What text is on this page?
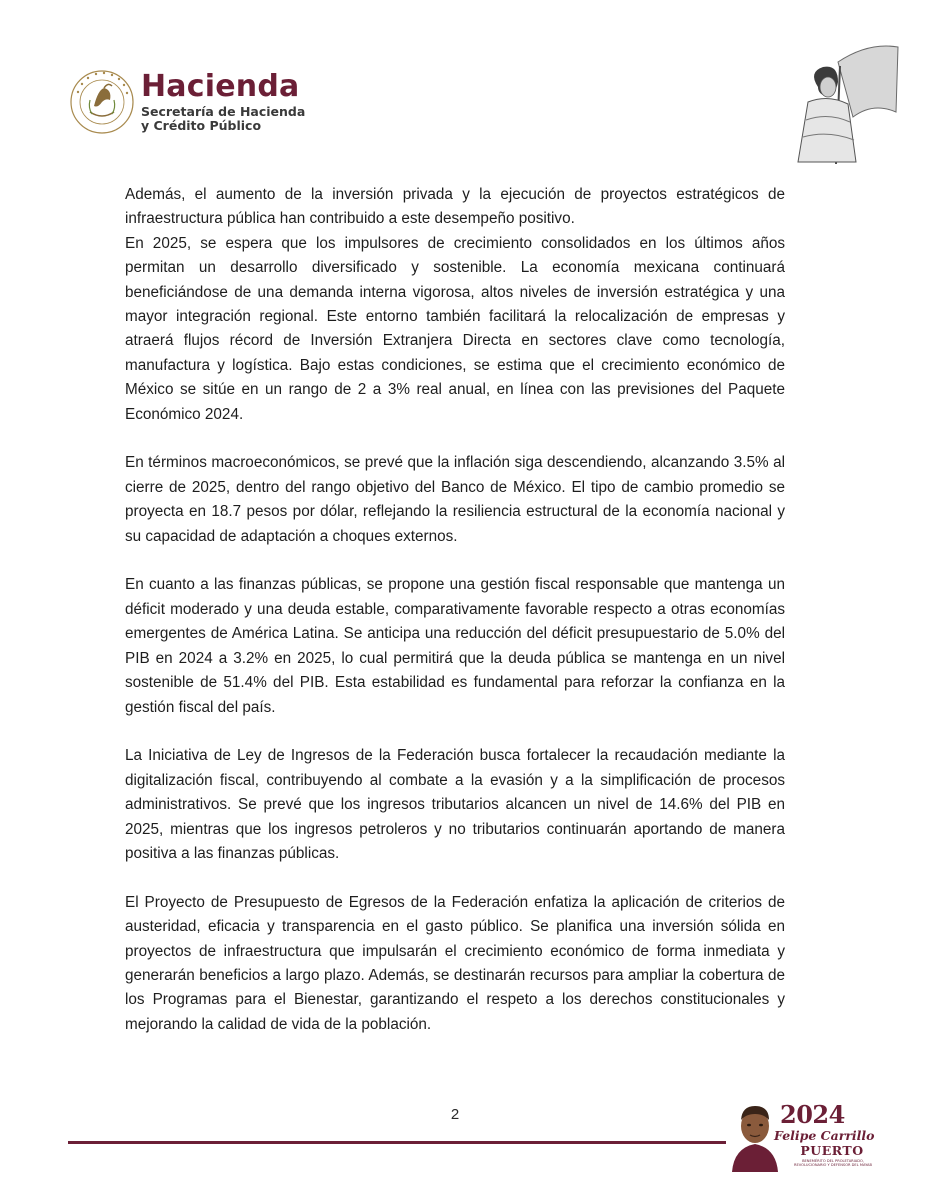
Hacienda
Secretaría de Hacienda
y Crédito Público

Además, el aumento de la inversión privada y la ejecución de proyectos estratégicos de infraestructura pública han contribuido a este desempeño positivo.

En 2025, se espera que los impulsores de crecimiento consolidados en los últimos años permitan un desarrollo diversificado y sostenible. La economía mexicana continuará beneficiándose de una demanda interna vigorosa, altos niveles de inversión estratégica y una mayor integración regional. Este entorno también facilitará la relocalización de empresas y atraerá flujos récord de Inversión Extranjera Directa en sectores clave como tecnología, manufactura y logística. Bajo estas condiciones, se estima que el crecimiento económico de México se sitúe en un rango de 2 a 3% real anual, en línea con las previsiones del Paquete Económico 2024.

En términos macroeconómicos, se prevé que la inflación siga descendiendo, alcanzando 3.5% al cierre de 2025, dentro del rango objetivo del Banco de México. El tipo de cambio promedio se proyecta en 18.7 pesos por dólar, reflejando la resiliencia estructural de la economía nacional y su capacidad de adaptación a choques externos.

En cuanto a las finanzas públicas, se propone una gestión fiscal responsable que mantenga un déficit moderado y una deuda estable, comparativamente favorable respecto a otras economías emergentes de América Latina. Se anticipa una reducción del déficit presupuestario de 5.0% del PIB en 2024 a 3.2% en 2025, lo cual permitirá que la deuda pública se mantenga en un nivel sostenible de 51.4% del PIB. Esta estabilidad es fundamental para reforzar la confianza en la gestión fiscal del país.

La Iniciativa de Ley de Ingresos de la Federación busca fortalecer la recaudación mediante la digitalización fiscal, contribuyendo al combate a la evasión y a la simplificación de procesos administrativos. Se prevé que los ingresos tributarios alcancen un nivel de 14.6% del PIB en 2025, mientras que los ingresos petroleros y no tributarios continuarán aportando de manera positiva a las finanzas públicas.

El Proyecto de Presupuesto de Egresos de la Federación enfatiza la aplicación de criterios de austeridad, eficacia y transparencia en el gasto público. Se planifica una inversión sólida en proyectos de infraestructura que impulsarán el crecimiento económico de forma inmediata y generarán beneficios a largo plazo. Además, se destinarán recursos para ampliar la cobertura de los Programas para el Bienestar, garantizando el respeto a los derechos constitucionales y mejorando la calidad de vida de la población.

2	2024
Felipe Carrillo
PUERTO
BENEMÉRITO DEL PROLETARIADO, REVOLUCIONARIO Y DEFENSOR DEL MAYAB
